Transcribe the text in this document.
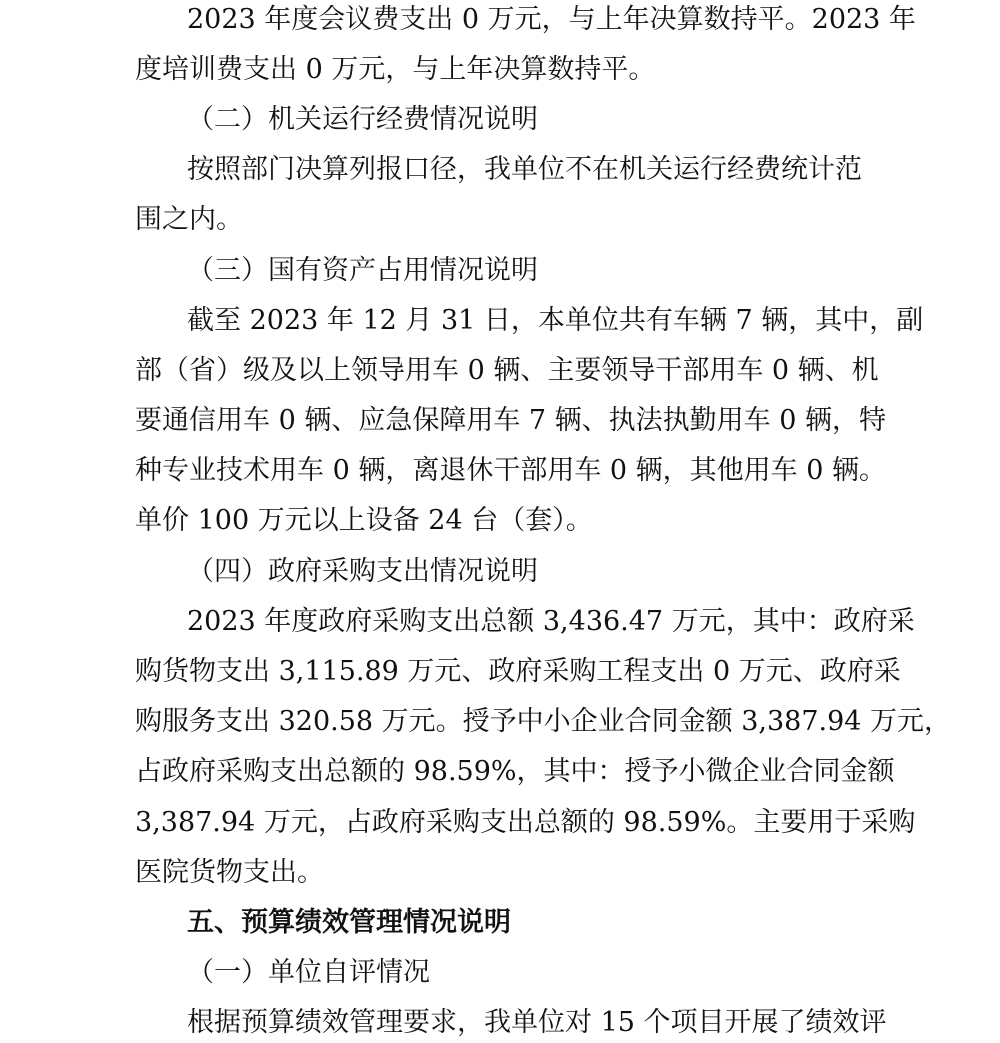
2023 年度会议费支出 0 万元，与上年决算数持平。2023 年
度培训费支出 0 万元，与上年决算数持平。
（二）机关运行经费情况说明
按照部门决算列报口径，我单位不在机关运行经费统计范
围之内。
（三）国有资产占用情况说明
截至 2023 年 12 月 31 日，本单位共有车辆 7 辆，其中，副
部（省）级及以上领导用车 0 辆、主要领导干部用车 0 辆、机
要通信用车 0 辆、应急保障用车 7 辆、执法执勤用车 0 辆，特
种专业技术用车 0 辆，离退休干部用车 0 辆，其他用车 0 辆。
单价 100 万元以上设备 24 台（套）。
（四）政府采购支出情况说明
2023 年度政府采购支出总额 3,436.47 万元，其中：政府采
购货物支出 3,115.89 万元、政府采购工程支出 0 万元、政府采
购服务支出 320.58 万元。授予中小企业合同金额 3,387.94 万元，
占政府采购支出总额的 98.59%，其中：授予小微企业合同金额
3,387.94 万元，占政府采购支出总额的 98.59%。主要用于采购
医院货物支出。
五、预算绩效管理情况说明
（一）单位自评情况
根据预算绩效管理要求，我单位对 15 个项目开展了绩效评
